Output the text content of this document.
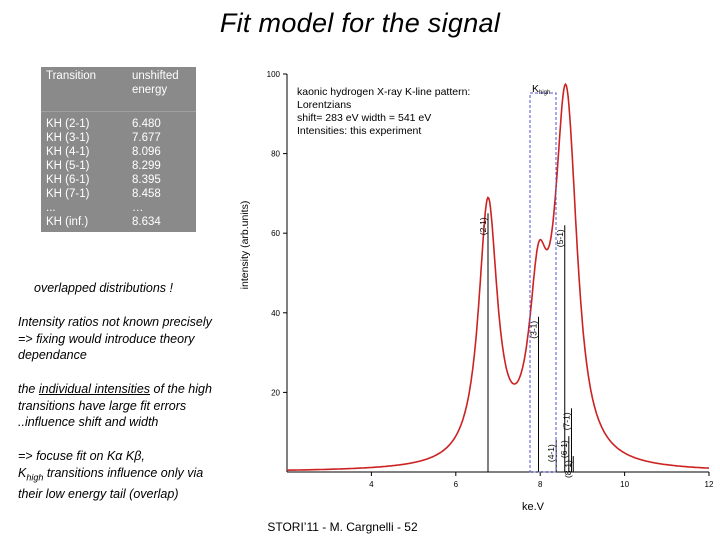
Fit model for the signal
Transition	unshifted energy
KH (2-1)	6.480
KH (3-1)	7.677
KH (4-1)	8.096
KH (5-1)	8.299
KH (6-1)	8.395
KH (7-1)	8.458
...	…
KH (inf.)	8.634
overlapped distributions !
Intensity ratios not known precisely
=> fixing would introduce theory
dependance
the individual intensities of the high
transitions have large fit errors
..influence shift and width
=> focuse fit on Kα Kβ,
$K_{high}$ transitions influence only via
their low energy tail (overlap)
20
40
60
80
100
4	6	8	10	12
(2-1)
(3-1)
(4-1)
(5-1)
(6-1)
(7-1)
(8-1)
Khigh
kaonic hydrogen X-ray K-line pattern:
Lorentzians
shift= 283 eV width = 541 eV
Intensities: this experiment
intensity (arb.units)
ke.V
STORI’11 - M. Cargnelli - 52
